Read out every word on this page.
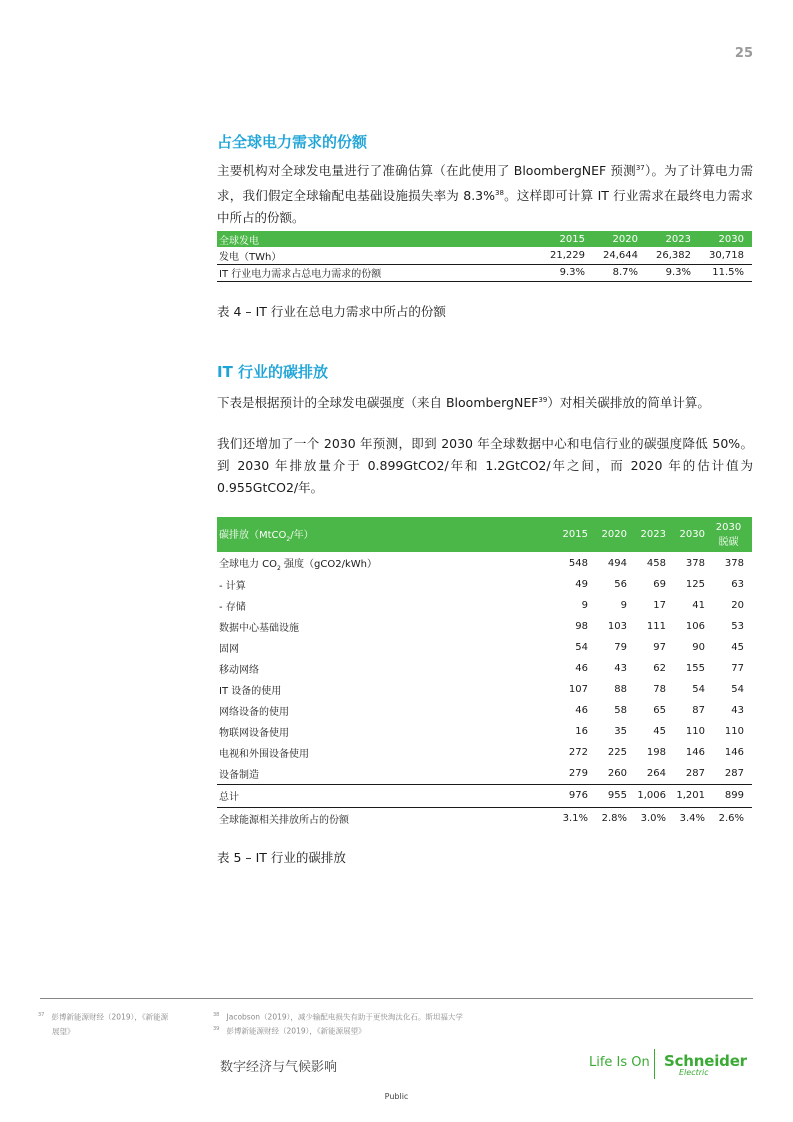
25
占全球电力需求的份额
主要机构对全球发电量进行了准确估算（在此使用了 BloombergNEF 预测$^{37}$）。为了计算电力需求，我们假定全球输配电基础设施损失率为 8.3%$^{38}$。这样即可计算 IT 行业需求在最终电力需求中所占的份额。
全球发电	2015	2020	2023	2030
发电（TWh）	21,229	24,644	26,382	30,718
IT 行业电力需求占总电力需求的份额	9.3%	8.7%	9.3%	11.5%
表 4 – IT 行业在总电力需求中所占的份额
IT 行业的碳排放
下表是根据预计的全球发电碳强度（来自 BloombergNEF$^{39}$）对相关碳排放的简单计算。
我们还增加了一个 2030 年预测，即到 2030 年全球数据中心和电信行业的碳强度降低 50%。到 2030 年排放量介于 0.899GtCO2/年和 1.2GtCO2/年之间，而 2020 年的估计值为 0.955GtCO2/年。
碳排放（MtCO$_2$/年）	2015	2020	2023	2030	2030
脱碳

全球电力 $CO_2$ 强度（gCO2/kWh）	548	494	458	378	378
- 计算	49	56	69	125	63
- 存储	9	9	17	41	20
数据中心基础设施	98	103	111	106	53
固网	54	79	97	90	45
移动网络	46	43	62	155	77
IT 设备的使用	107	88	78	54	54
网络设备的使用	46	58	65	87	43
物联网设备使用	16	35	45	110	110
电视和外围设备使用	272	225	198	146	146
设备制造	279	260	264	287	287
总计	976	955	1,006	1,201	899
全球能源相关排放所占的份额	3.1%	2.8%	3.0%	3.4%	2.6%
表 5 – IT 行业的碳排放
$^{37}$ 彭博新能源财经（2019），《新能源
展望》
$^{38}$ Jacobson（2019），减少输配电损失有助于更快淘汰化石。斯坦福大学
$^{39}$ 彭博新能源财经（2019），《新能源展望》
数字经济与气候影响	Life Is On Schneider
Electric
Public
